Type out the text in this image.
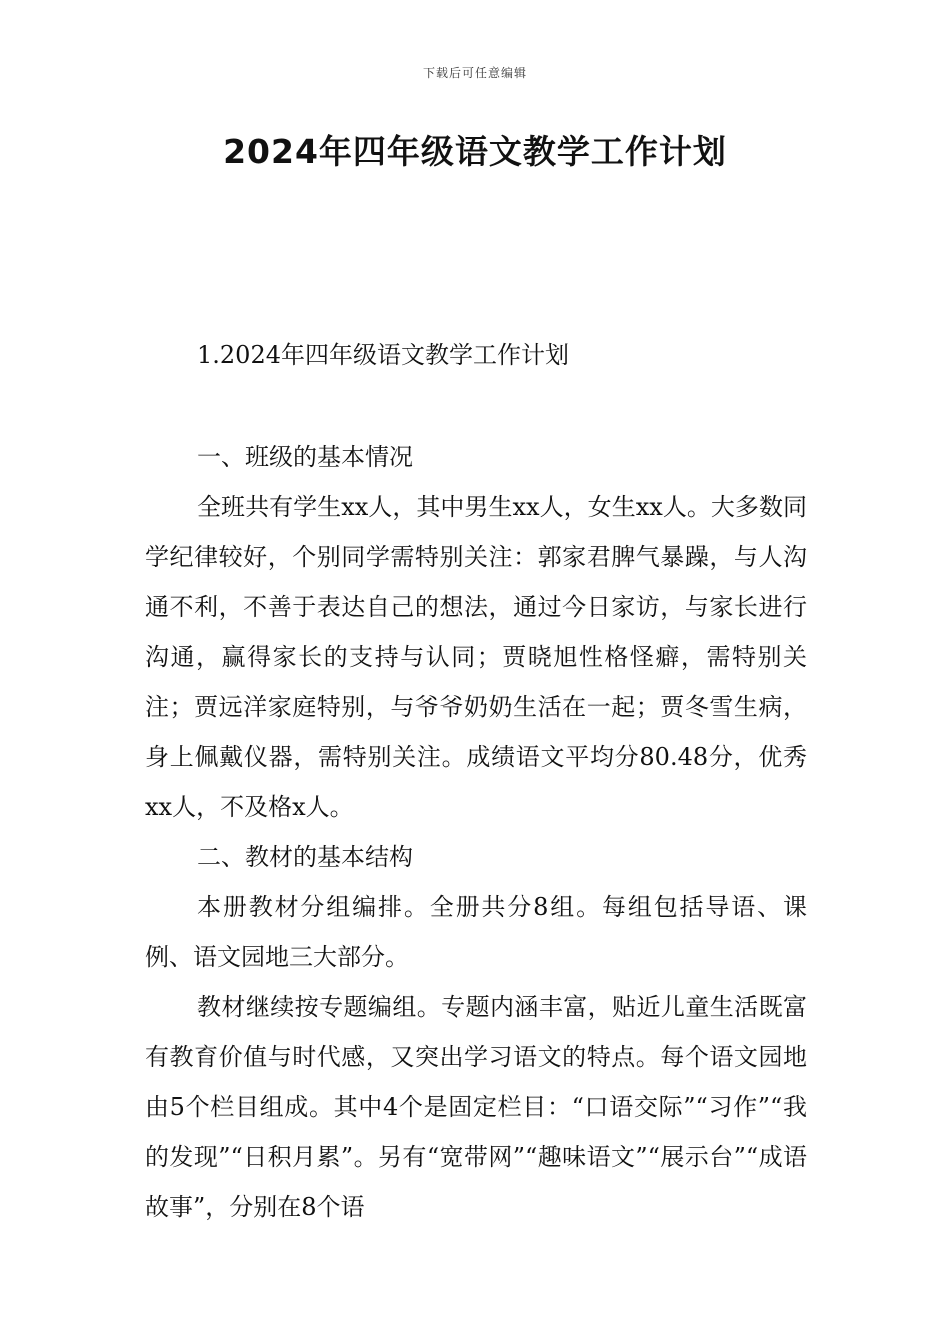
下载后可任意编辑
2024年四年级语文教学工作计划

1.2024年四年级语文教学工作计划

一、班级的基本情况

全班共有学生xx人，其中男生xx人，女生xx人。大多数同学纪律较好，个别同学需特别关注：郭家君脾气暴躁，与人沟通不利，不善于表达自己的想法，通过今日家访，与家长进行沟通，赢得家长的支持与认同；贾晓旭性格怪癖，需特别关注；贾远洋家庭特别，与爷爷奶奶生活在一起；贾冬雪生病，身上佩戴仪器，需特别关注。成绩语文平均分80.48分，优秀xx人，不及格x人。

二、教材的基本结构

本册教材分组编排。全册共分8组。每组包括导语、课例、语文园地三大部分。

教材继续按专题编组。专题内涵丰富，贴近儿童生活既富有教育价值与时代感，又突出学习语文的特点。每个语文园地由5个栏目组成。其中4个是固定栏目：“口语交际”“习作”“我的发现”“日积月累”。另有“宽带网”“趣味语文”“展示台”“成语故事”，分别在8个语
